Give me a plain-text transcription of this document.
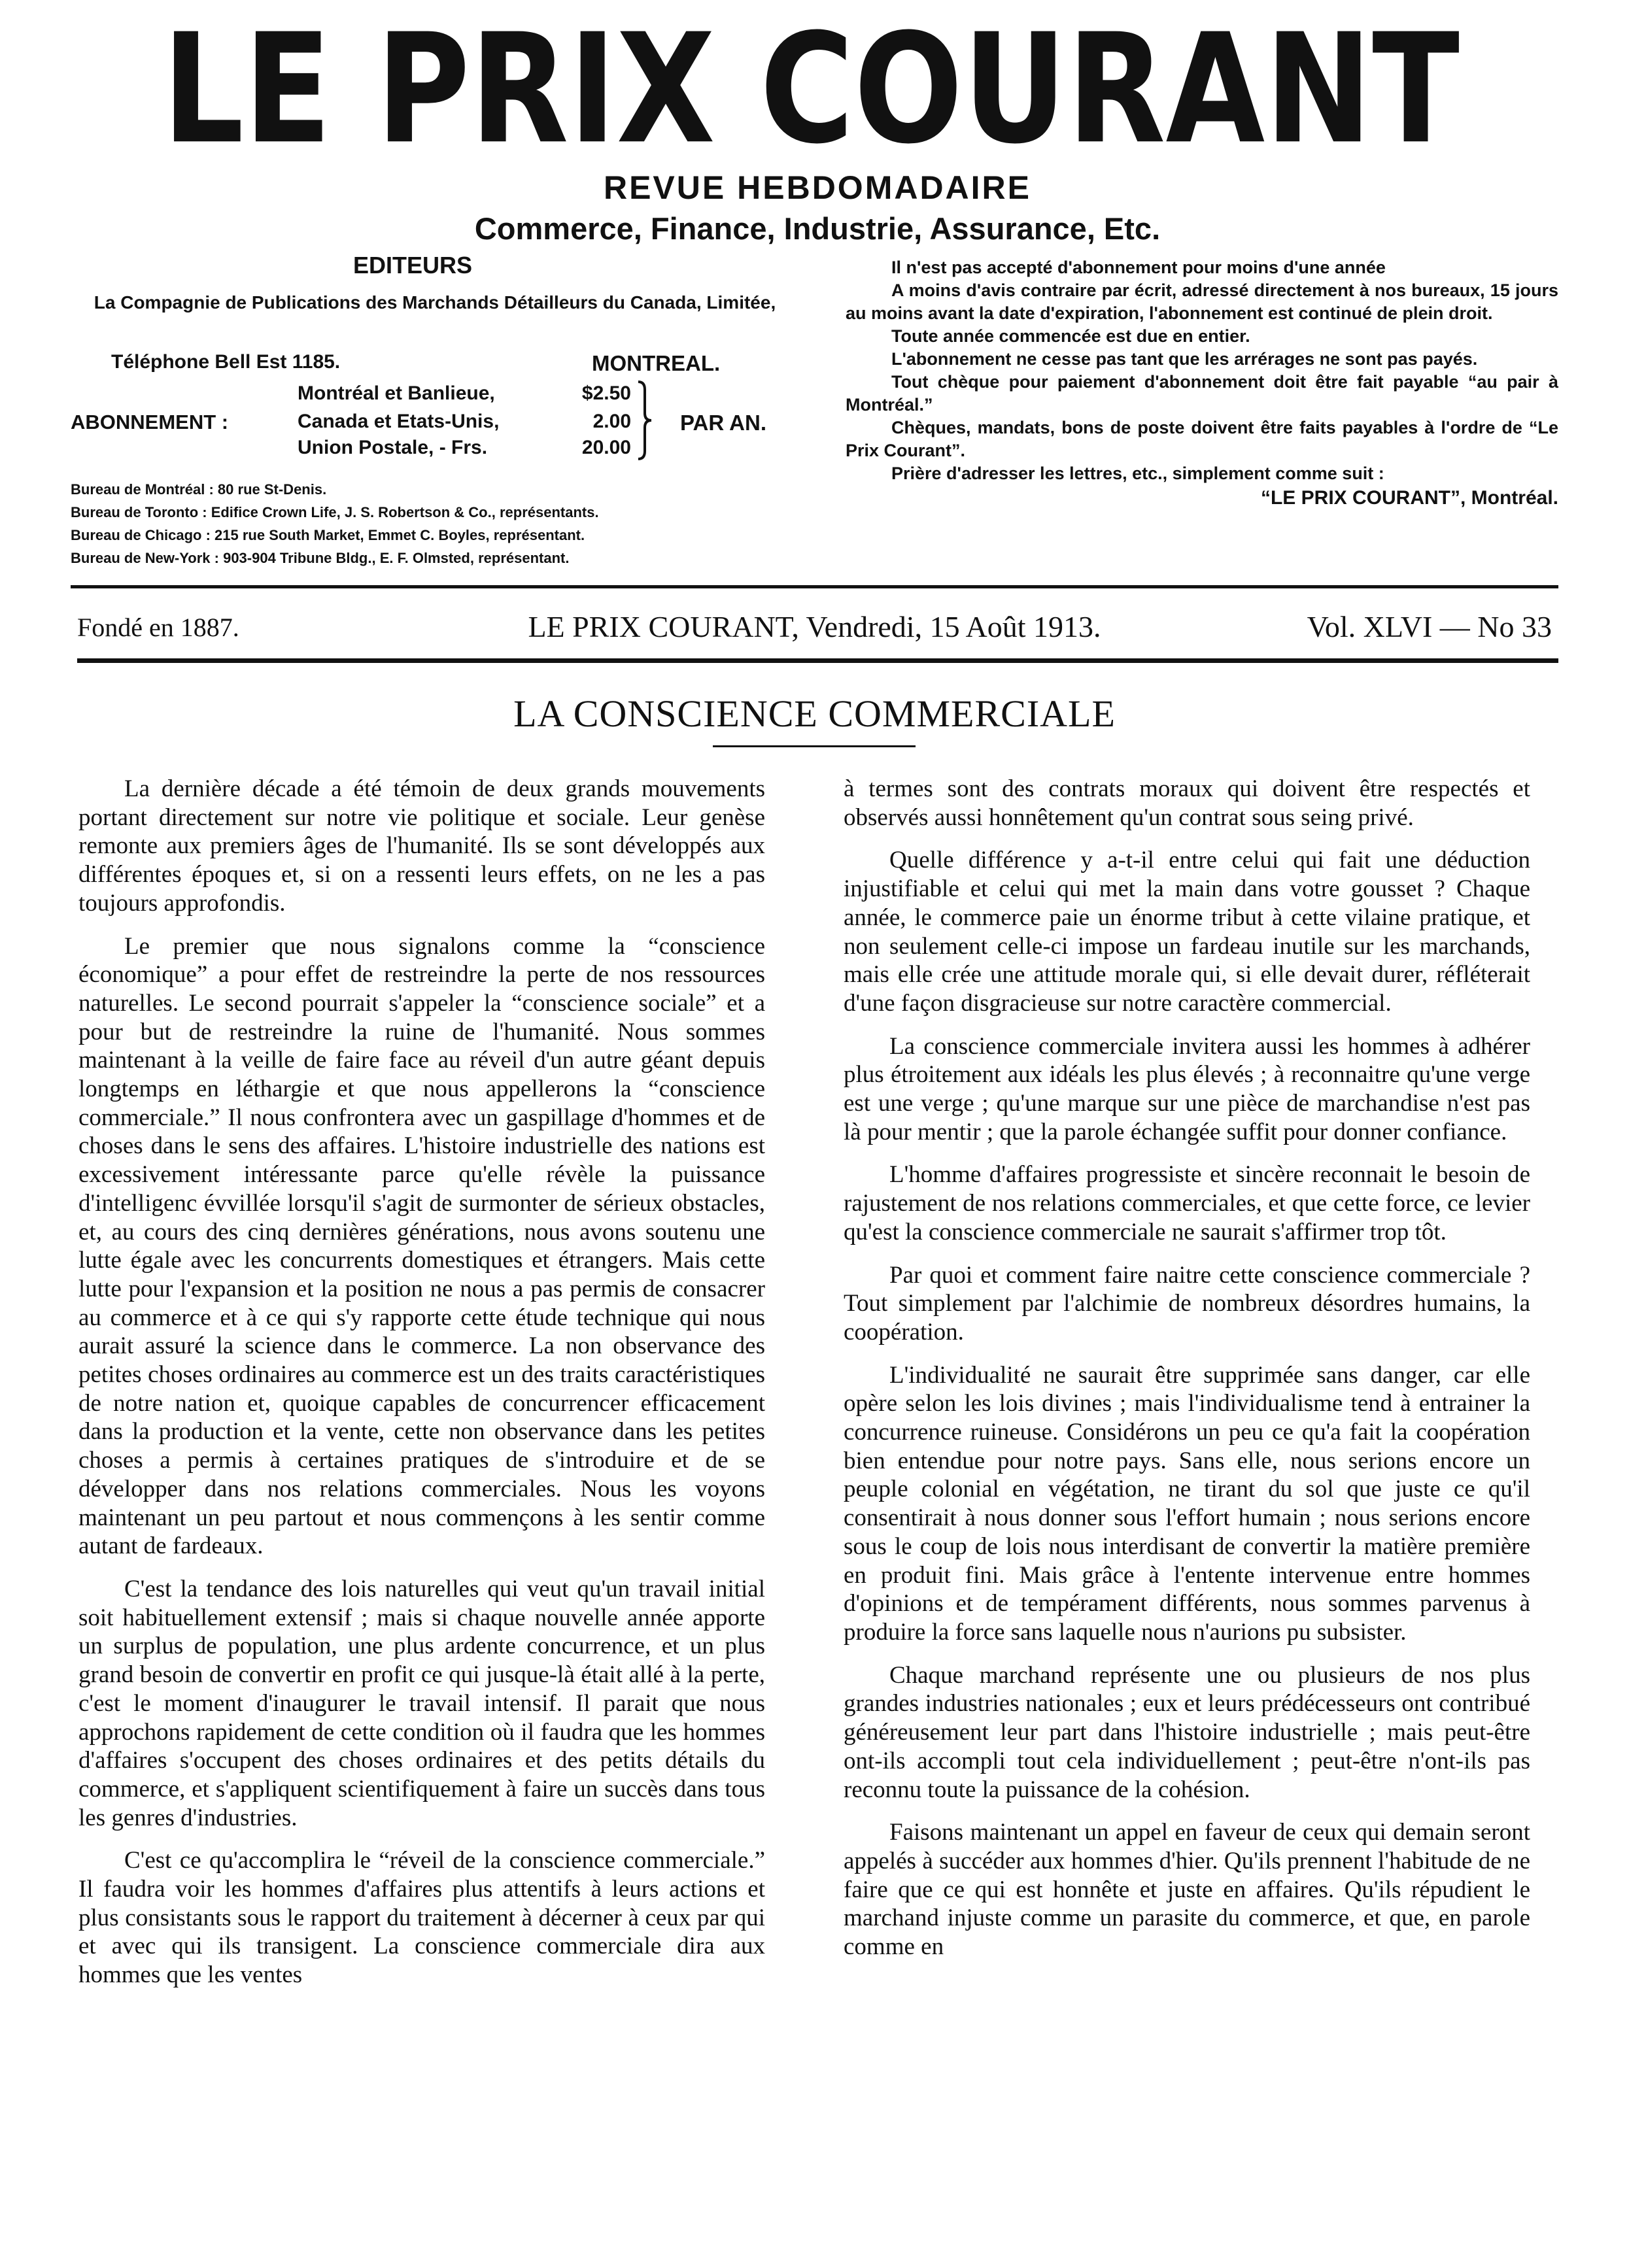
LE PRIX COURANT
REVUE HEBDOMADAIRE
Commerce, Finance, Industrie, Assurance, Etc.
EDITEURS
La Compagnie de Publications des Marchands Détailleurs du Canada, Limitée,
Téléphone Bell Est 1185.	MONTREAL.
ABONNEMENT :
Montréal et Banlieue,	$2.50
Canada et Etats-Unis,	2.00
Union Postale, - Frs.	20.00
PAR AN.
Bureau de Montréal : 80 rue St-Denis.
Bureau de Toronto : Edifice Crown Life, J. S. Robertson & Co., représentants.
Bureau de Chicago : 215 rue South Market, Emmet C. Boyles, représentant.
Bureau de New-York : 903-904 Tribune Bldg., E. F. Olmsted, représentant.

Il n'est pas accepté d'abonnement pour moins d'une année

A moins d'avis contraire par écrit, adressé directement à nos bureaux, 15 jours au moins avant la date d'expiration, l'abonnement est continué de plein droit.

Toute année commencée est due en entier.

L'abonnement ne cesse pas tant que les arrérages ne sont pas payés.

Tout chèque pour paiement d'abonnement doit être fait payable “au pair à Montréal.”

Chèques, mandats, bons de poste doivent être faits payables à l'ordre de “Le Prix Courant”.

Prière d'adresser les lettres, etc., simplement comme suit :

“LE PRIX COURANT”, Montréal.

Fondé en 1887.	LE PRIX COURANT, Vendredi, 15 Août 1913.	Vol. XLVI — No 33
LA CONSCIENCE COMMERCIALE

La dernière décade a été témoin de deux grands mouvements portant directement sur notre vie politique et sociale. Leur genèse remonte aux premiers âges de l'humanité. Ils se sont développés aux différentes époques et, si on a ressenti leurs effets, on ne les a pas toujours approfondis.

Le premier que nous signalons comme la “conscience économique” a pour effet de restreindre la perte de nos ressources naturelles. Le second pourrait s'appeler la “conscience sociale” et a pour but de restreindre la ruine de l'humanité. Nous sommes maintenant à la veille de faire face au réveil d'un autre géant depuis longtemps en léthargie et que nous appellerons la “conscience commerciale.” Il nous confrontera avec un gaspillage d'hommes et de choses dans le sens des affaires. L'histoire industrielle des nations est excessivement intéressante parce qu'elle révèle la puissance d'intelligenc évvillée lorsqu'il s'agit de surmonter de sérieux obstacles, et, au cours des cinq dernières générations, nous avons soutenu une lutte égale avec les concurrents domestiques et étrangers. Mais cette lutte pour l'expansion et la position ne nous a pas permis de consacrer au commerce et à ce qui s'y rapporte cette étude technique qui nous aurait assuré la science dans le commerce. La non observance des petites choses ordinaires au commerce est un des traits caractéristiques de notre nation et, quoique capables de concurrencer efficacement dans la production et la vente, cette non observance dans les petites choses a permis à certaines pratiques de s'introduire et de se développer dans nos relations commerciales. Nous les voyons maintenant un peu partout et nous commençons à les sentir comme autant de fardeaux.

C'est la tendance des lois naturelles qui veut qu'un travail initial soit habituellement extensif ; mais si chaque nouvelle année apporte un surplus de population, une plus ardente concurrence, et un plus grand besoin de convertir en profit ce qui jusque-là était allé à la perte, c'est le moment d'inaugurer le travail intensif. Il parait que nous approchons rapidement de cette condition où il faudra que les hommes d'affaires s'occupent des choses ordinaires et des petits détails du commerce, et s'appliquent scientifiquement à faire un succès dans tous les genres d'industries.

C'est ce qu'accomplira le “réveil de la conscience commerciale.” Il faudra voir les hommes d'affaires plus attentifs à leurs actions et plus consistants sous le rapport du traitement à décerner à ceux par qui et avec qui ils transigent. La conscience commerciale dira aux hommes que les ventes

à termes sont des contrats moraux qui doivent être respectés et observés aussi honnêtement qu'un contrat sous seing privé.

Quelle différence y a-t-il entre celui qui fait une déduction injustifiable et celui qui met la main dans votre gousset ? Chaque année, le commerce paie un énorme tribut à cette vilaine pratique, et non seulement celle-ci impose un fardeau inutile sur les marchands, mais elle crée une attitude morale qui, si elle devait durer, réfléterait d'une façon disgracieuse sur notre caractère commercial.

La conscience commerciale invitera aussi les hommes à adhérer plus étroitement aux idéals les plus élevés ; à reconnaitre qu'une verge est une verge ; qu'une marque sur une pièce de marchandise n'est pas là pour mentir ; que la parole échangée suffit pour donner confiance.

L'homme d'affaires progressiste et sincère reconnait le besoin de rajustement de nos relations commerciales, et que cette force, ce levier qu'est la conscience commerciale ne saurait s'affirmer trop tôt.

Par quoi et comment faire naitre cette conscience commerciale ? Tout simplement par l'alchimie de nombreux désordres humains, la coopération.

L'individualité ne saurait être supprimée sans danger, car elle opère selon les lois divines ; mais l'individualisme tend à entrainer la concurrence ruineuse. Considérons un peu ce qu'a fait la coopération bien entendue pour notre pays. Sans elle, nous serions encore un peuple colonial en végétation, ne tirant du sol que juste ce qu'il consentirait à nous donner sous l'effort humain ; nous serions encore sous le coup de lois nous interdisant de convertir la matière première en produit fini. Mais grâce à l'entente intervenue entre hommes d'opinions et de tempérament différents, nous sommes parvenus à produire la force sans laquelle nous n'aurions pu subsister.

Chaque marchand représente une ou plusieurs de nos plus grandes industries nationales ; eux et leurs prédécesseurs ont contribué généreusement leur part dans l'histoire industrielle ; mais peut-être ont-ils accompli tout cela individuellement ; peut-être n'ont-ils pas reconnu toute la puissance de la cohésion.

Faisons maintenant un appel en faveur de ceux qui demain seront appelés à succéder aux hommes d'hier. Qu'ils prennent l'habitude de ne faire que ce qui est honnête et juste en affaires. Qu'ils répudient le marchand injuste comme un parasite du commerce, et que, en parole comme en
